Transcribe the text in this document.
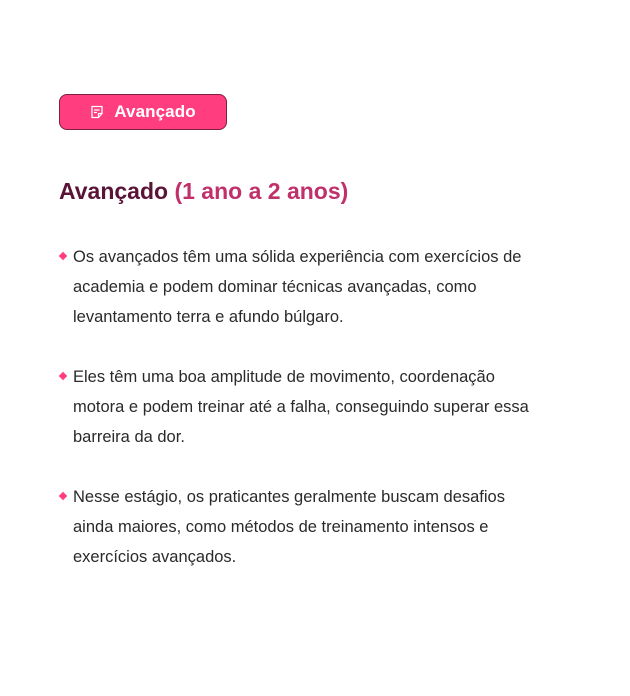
Avançado
Avançado (1 ano a 2 anos)
Os avançados têm uma sólida experiência com exercícios de academia e podem dominar técnicas avançadas, como levantamento terra e afundo búlgaro.
Eles têm uma boa amplitude de movimento, coordenação motora e podem treinar até a falha, conseguindo superar essa barreira da dor.
Nesse estágio, os praticantes geralmente buscam desafios ainda maiores, como métodos de treinamento intensos e exercícios avançados.
